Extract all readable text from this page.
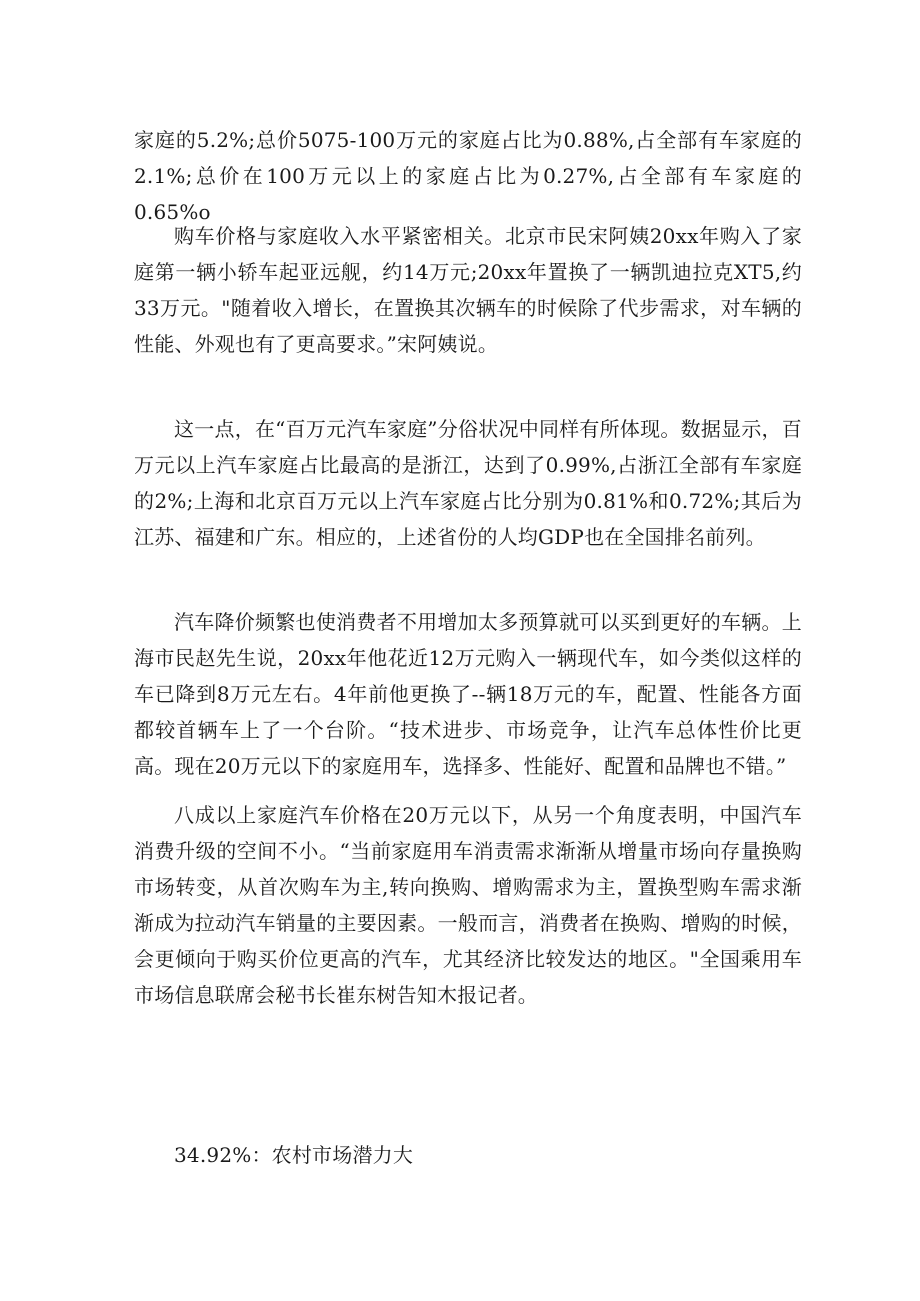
家庭的5.2%;总价5075-100万元的家庭占比为0.88%,占全部有车家庭的2.1%;总价在100万元以上的家庭占比为0.27%,占全部有车家庭的0.65%o

购车价格与家庭收入水平紧密相关。北京市民宋阿姨20xx年购入了家庭第一辆小轿车起亚远舰，约14万元;20xx年置换了一辆凯迪拉克XT5,约33万元。"随着收入增长，在置换其次辆车的时候除了代步需求，对车辆的性能、外观也有了更高要求。”宋阿姨说。

这一点，在“百万元汽车家庭”分俗状况中同样有所体现。数据显示，百万元以上汽车家庭占比最高的是浙江，达到了0.99%,占浙江全部有车家庭的2%;上海和北京百万元以上汽车家庭占比分别为0.81%和0.72%;其后为江苏、福建和广东。相应的，上述省份的人均GDP也在全国排名前列。

汽车降价频繁也使消费者不用增加太多预算就可以买到更好的车辆。上海市民赵先生说，20xx年他花近12万元购入一辆现代车，如今类似这样的车已降到8万元左右。4年前他更换了--辆18万元的车，配置、性能各方面都较首辆车上了一个台阶。“技术进步、市场竞争，让汽车总体性价比更高。现在20万元以下的家庭用车，选择多、性能好、配置和品牌也不错。”

八成以上家庭汽车价格在20万元以下，从另一个角度表明，中国汽车消费升级的空间不小。“当前家庭用车消责需求渐渐从增量市场向存量换购市场转变，从首次购车为主,转向换购、增购需求为主，置换型购车需求渐渐成为拉动汽车销量的主要因素。一般而言，消费者在换购、增购的时候，会更倾向于购买价位更高的汽车，尤其经济比较发达的地区。"全国乘用车市场信息联席会秘书长崔东树告知木报记者。

34.92%：农村市场潜力大
